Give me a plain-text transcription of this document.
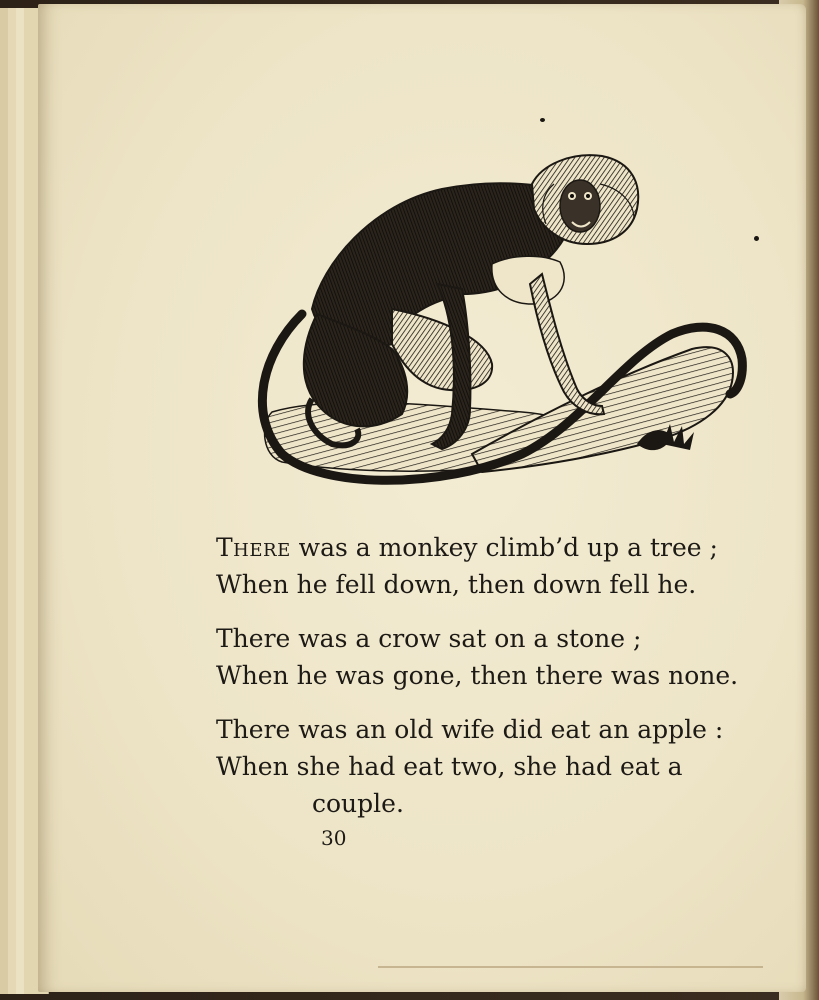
There was a monkey climb’d up a tree ;
When he fell down, then down fell he.
There was a crow sat on a stone ;
When he was gone, then there was none.
There was an old wife did eat an apple :
When she had eat two, she had eat a
couple.
30
